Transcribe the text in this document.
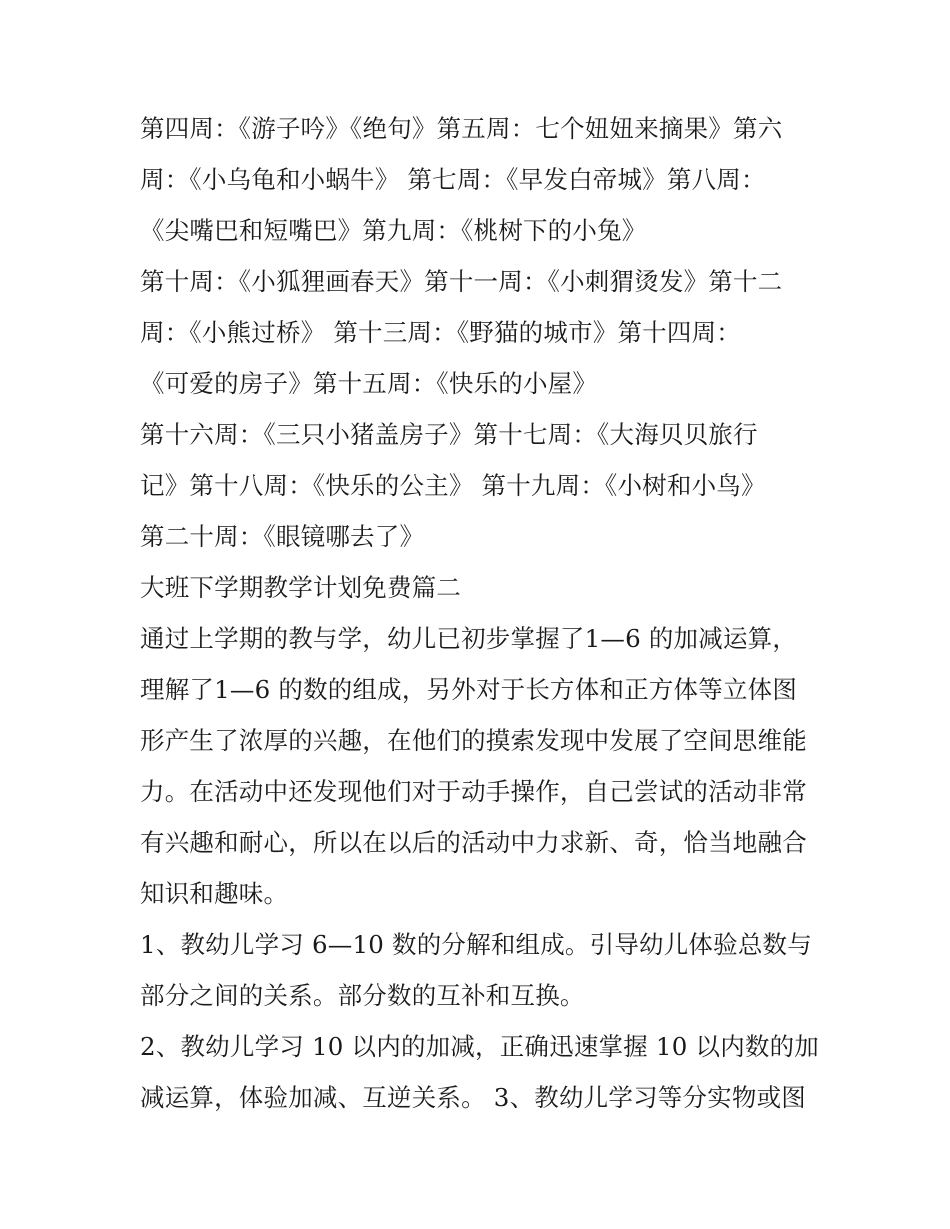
第四周：《游子吟》《绝句》第五周：七个妞妞来摘果》第六
周：《小乌龟和小蜗牛》 第七周：《早发白帝城》第八周：
《尖嘴巴和短嘴巴》第九周：《桃树下的小兔》
第十周：《小狐狸画春天》第十一周：《小刺猬烫发》第十二
周：《小熊过桥》 第十三周：《野猫的城市》第十四周：
《可爱的房子》第十五周：《快乐的小屋》
第十六周：《三只小猪盖房子》第十七周：《大海贝贝旅行
记》第十八周：《快乐的公主》 第十九周：《小树和小鸟》
第二十周：《眼镜哪去了》
大班下学期教学计划免费篇二
通过上学期的教与学，幼儿已初步掌握了1—6 的加减运算，
理解了1—6 的数的组成，另外对于长方体和正方体等立体图
形产生了浓厚的兴趣，在他们的摸索发现中发展了空间思维能
力。在活动中还发现他们对于动手操作，自己尝试的活动非常
有兴趣和耐心，所以在以后的活动中力求新、奇，恰当地融合
知识和趣味。
1、教幼儿学习 6—10 数的分解和组成。引导幼儿体验总数与
部分之间的关系。部分数的互补和互换。
2、教幼儿学习 10 以内的加减，正确迅速掌握 10 以内数的加
减运算，体验加减、互逆关系。 3、教幼儿学习等分实物或图
